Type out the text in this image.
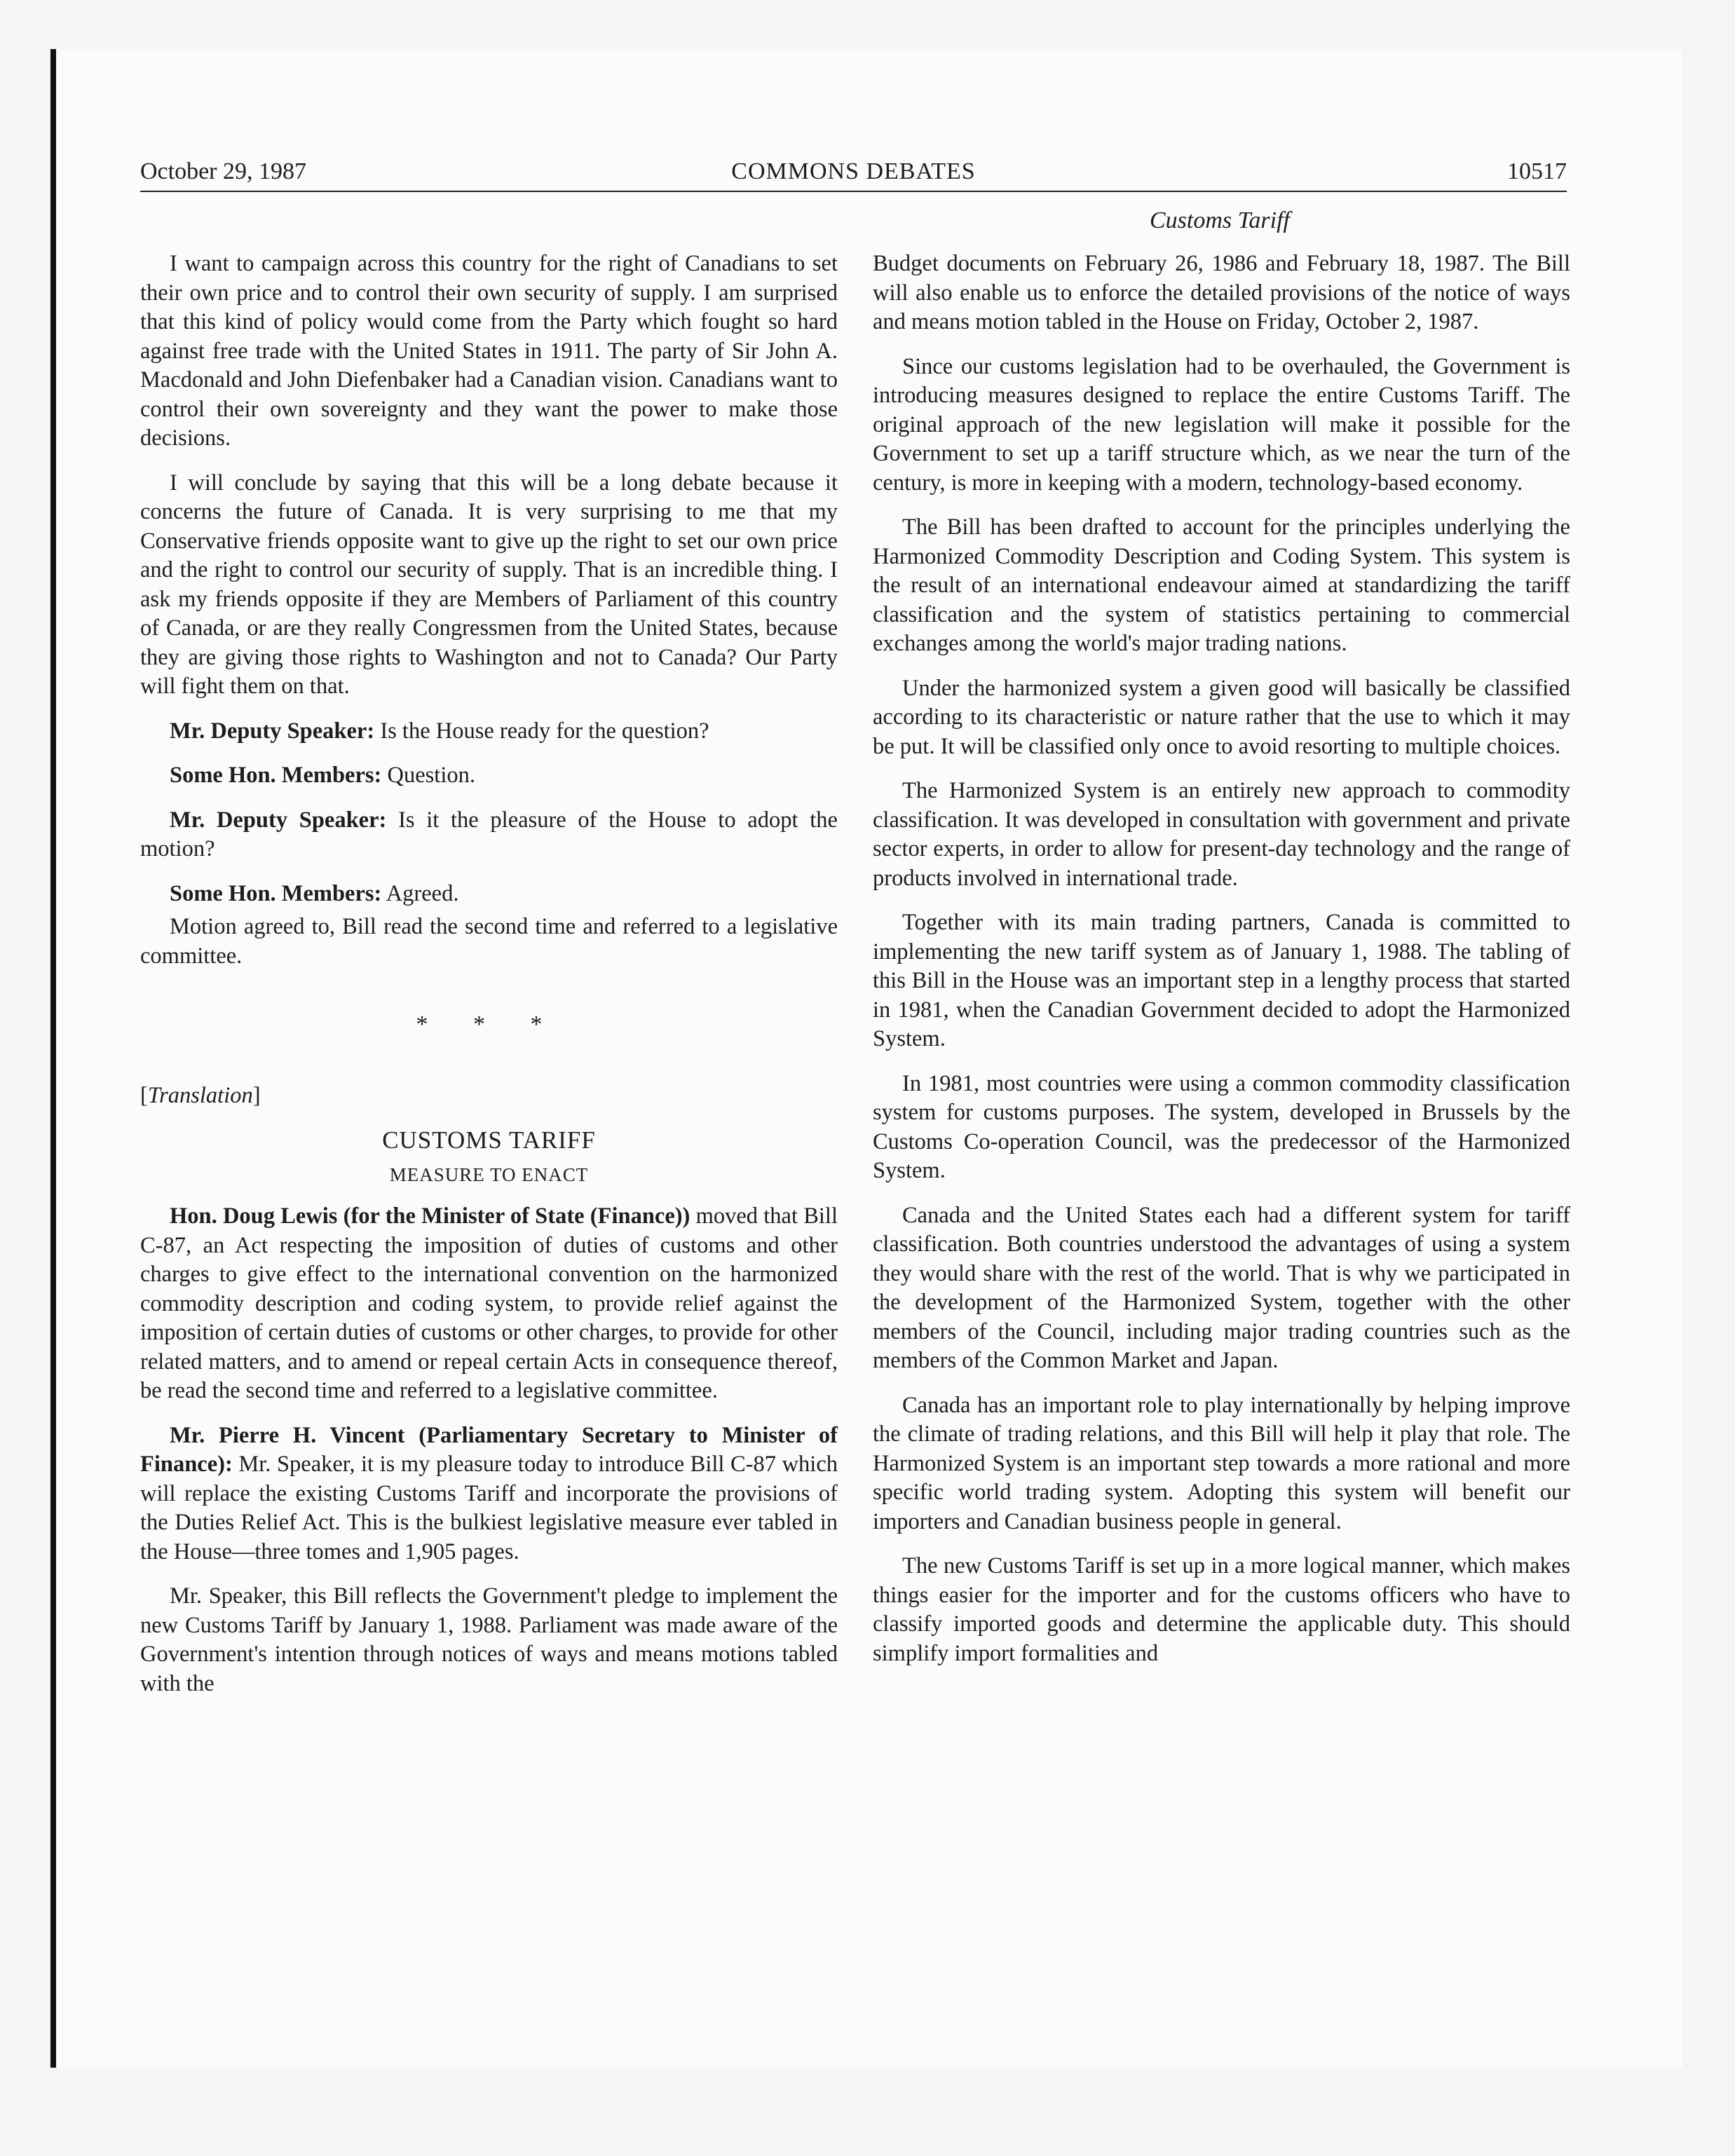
October 29, 1987	COMMONS DEBATES	10517
Customs Tariff

I want to campaign across this country for the right of Canadians to set their own price and to control their own security of supply. I am surprised that this kind of policy would come from the Party which fought so hard against free trade with the United States in 1911. The party of Sir John A. Macdonald and John Diefenbaker had a Canadian vision. Canadians want to control their own sovereignty and they want the power to make those decisions.

I will conclude by saying that this will be a long debate because it concerns the future of Canada. It is very surprising to me that my Conservative friends opposite want to give up the right to set our own price and the right to control our security of supply. That is an incredible thing. I ask my friends opposite if they are Members of Parliament of this country of Canada, or are they really Congressmen from the United States, because they are giving those rights to Washington and not to Canada? Our Party will fight them on that.

Mr. Deputy Speaker: Is the House ready for the question?

Some Hon. Members: Question.

Mr. Deputy Speaker: Is it the pleasure of the House to adopt the motion?

Some Hon. Members: Agreed.

Motion agreed to, Bill read the second time and referred to a legislative committee.

* * *

[Translation]

CUSTOMS TARIFF
MEASURE TO ENACT

Hon. Doug Lewis (for the Minister of State (Finance)) moved that Bill C-87, an Act respecting the imposition of duties of customs and other charges to give effect to the international convention on the harmonized commodity description and coding system, to provide relief against the imposition of certain duties of customs or other charges, to provide for other related matters, and to amend or repeal certain Acts in consequence thereof, be read the second time and referred to a legislative committee.

Mr. Pierre H. Vincent (Parliamentary Secretary to Minister of Finance): Mr. Speaker, it is my pleasure today to introduce Bill C-87 which will replace the existing Customs Tariff and incorporate the provisions of the Duties Relief Act. This is the bulkiest legislative measure ever tabled in the House—three tomes and 1,905 pages.

Mr. Speaker, this Bill reflects the Government't pledge to implement the new Customs Tariff by January 1, 1988. Parliament was made aware of the Government's intention through notices of ways and means motions tabled with the

Budget documents on February 26, 1986 and February 18, 1987. The Bill will also enable us to enforce the detailed provisions of the notice of ways and means motion tabled in the House on Friday, October 2, 1987.

Since our customs legislation had to be overhauled, the Government is introducing measures designed to replace the entire Customs Tariff. The original approach of the new legislation will make it possible for the Government to set up a tariff structure which, as we near the turn of the century, is more in keeping with a modern, technology-based economy.

The Bill has been drafted to account for the principles underlying the Harmonized Commodity Description and Coding System. This system is the result of an international endeavour aimed at standardizing the tariff classification and the system of statistics pertaining to commercial exchanges among the world's major trading nations.

Under the harmonized system a given good will basically be classified according to its characteristic or nature rather that the use to which it may be put. It will be classified only once to avoid resorting to multiple choices.

The Harmonized System is an entirely new approach to commodity classification. It was developed in consultation with government and private sector experts, in order to allow for present-day technology and the range of products involved in international trade.

Together with its main trading partners, Canada is committed to implementing the new tariff system as of January 1, 1988. The tabling of this Bill in the House was an important step in a lengthy process that started in 1981, when the Canadian Government decided to adopt the Harmonized System.

In 1981, most countries were using a common commodity classification system for customs purposes. The system, developed in Brussels by the Customs Co-operation Council, was the predecessor of the Harmonized System.

Canada and the United States each had a different system for tariff classification. Both countries understood the advantages of using a system they would share with the rest of the world. That is why we participated in the development of the Harmonized System, together with the other members of the Council, including major trading countries such as the members of the Common Market and Japan.

Canada has an important role to play internationally by helping improve the climate of trading relations, and this Bill will help it play that role. The Harmonized System is an important step towards a more rational and more specific world trading system. Adopting this system will benefit our importers and Canadian business people in general.

The new Customs Tariff is set up in a more logical manner, which makes things easier for the importer and for the customs officers who have to classify imported goods and determine the applicable duty. This should simplify import formalities and
